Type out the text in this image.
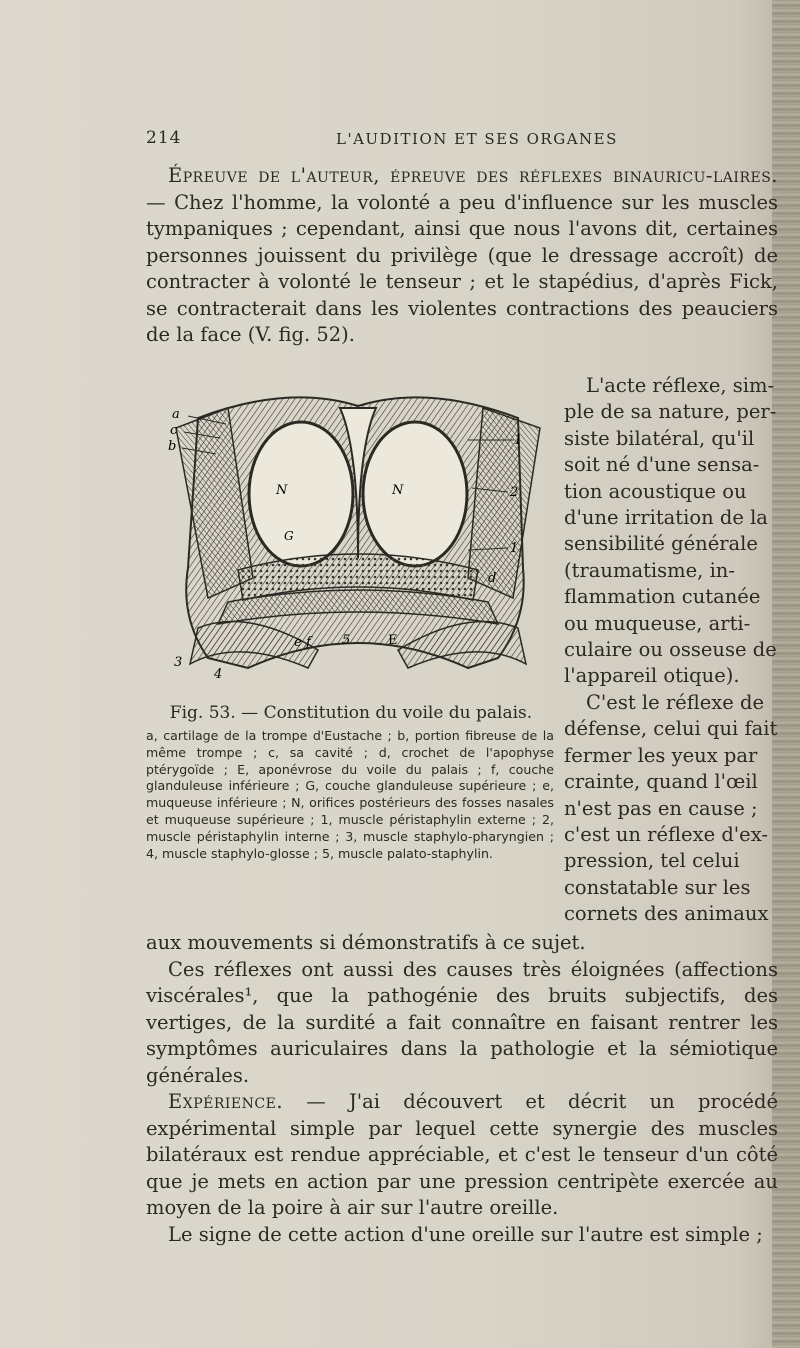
214	L'AUDITION ET SES ORGANES
Épreuve de l'auteur, épreuve des réflexes binauricu-laires. — Chez l'homme, la volonté a peu d'influence sur les muscles tympaniques ; cependant, ainsi que nous l'avons dit, certaines personnes jouissent du privilège (que le dressage accroît) de contracter à volonté le tenseur ; et le stapédius, d'après Fick, se contracterait dans les violentes contractions des peauciers de la face (V. fig. 52).
L'acte réflexe, sim-
ple de sa nature, per-
siste bilatéral, qu'il
soit né d'une sensa-
tion acoustique ou
d'une irritation de la
sensibilité générale
(traumatisme, in-
flammation cutanée
ou muqueuse, arti-
culaire ou osseuse de
l'appareil otique).
C'est le réflexe de
défense, celui qui fait
fermer les yeux par
crainte, quand l'œil
n'est pas en cause ;
c'est un réflexe d'ex-
pression, tel celui
constatable sur les
cornets des animaux
a
c
b
N	N
G
1
2
1
d
e f 5	E
3
4
Fig. 53. — Constitution du voile du palais.
a, cartilage de la trompe d'Eustache ; b, portion fibreuse de la même trompe ; c, sa cavité ; d, crochet de l'apophyse ptérygoïde ; E, aponévrose du voile du palais ; f, couche glanduleuse inférieure ; G, couche glanduleuse supérieure ; e, muqueuse inférieure ; N, orifices postérieurs des fosses nasales et muqueuse supérieure ; 1, muscle péristaphylin externe ; 2, muscle péristaphylin interne ; 3, muscle staphylo-pharyngien ; 4, muscle staphylo-glosse ; 5, muscle palato-staphylin.
aux mouvements si démonstratifs à ce sujet.
Ces réflexes ont aussi des causes très éloignées (affections viscérales¹, que la pathogénie des bruits subjectifs, des vertiges, de la surdité a fait connaître en faisant rentrer les symptômes auriculaires dans la pathologie et la sémiotique générales.
Expérience. — J'ai découvert et décrit un procédé expérimental simple par lequel cette synergie des muscles bilatéraux est rendue appréciable, et c'est le tenseur d'un côté que je mets en action par une pression centripète exercée au moyen de la poire à air sur l'autre oreille.
Le signe de cette action d'une oreille sur l'autre est simple ;
